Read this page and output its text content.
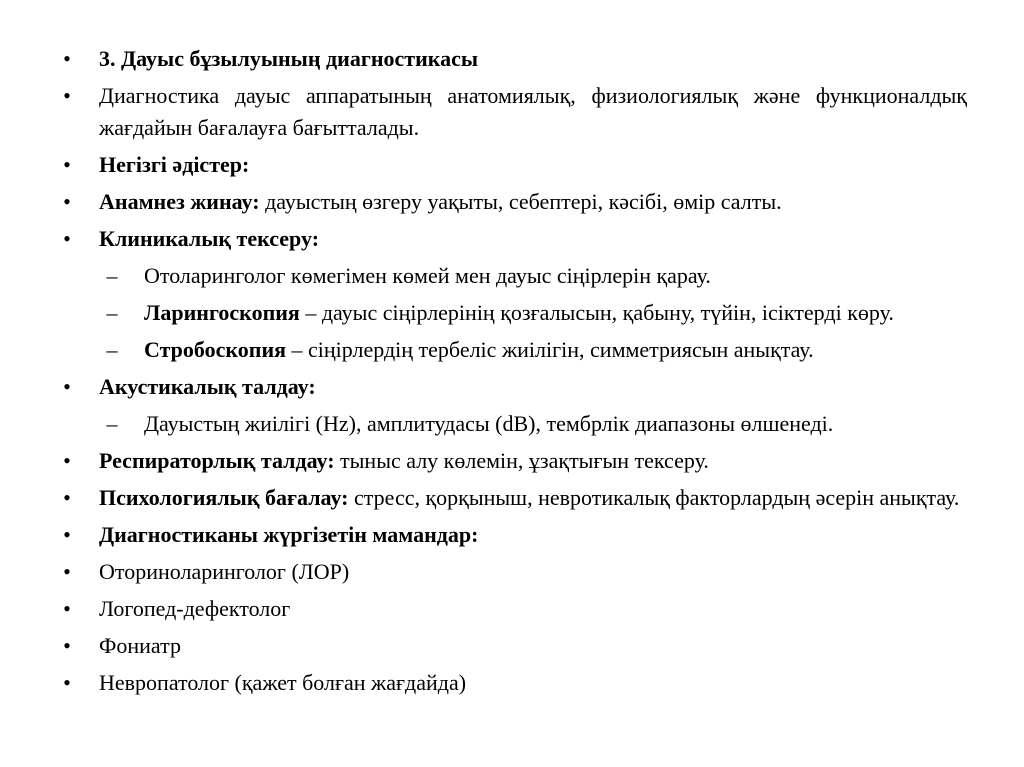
• 3. Дауыс бұзылуының диагностикасы
• Диагностика дауыс аппаратының анатомиялық, физиологиялық және функционалдық жағдайын бағалауға бағытталады.
• Негізгі әдістер:
• Анамнез жинау: дауыстың өзгеру уақыты, себептері, кәсібі, өмір салты.
• Клиникалық тексеру:
– Отоларинголог көмегімен көмей мен дауыс сіңірлерін қарау.
– Ларингоскопия – дауыс сіңірлерінің қозғалысын, қабыну, түйін, ісіктерді көру.
– Стробоскопия – сіңірлердің тербеліс жиілігін, симметриясын анықтау.
• Акустикалық талдау:
– Дауыстың жиілігі (Hz), амплитудасы (dB), тембрлік диапазоны өлшенеді.
• Респираторлық талдау: тыныс алу көлемін, ұзақтығын тексеру.
• Психологиялық бағалау: стресс, қорқыныш, невротикалық факторлардың әсерін анықтау.
• Диагностиканы жүргізетін мамандар:
• Оториноларинголог (ЛОР)
• Логопед-дефектолог
• Фониатр
• Невропатолог (қажет болған жағдайда)
